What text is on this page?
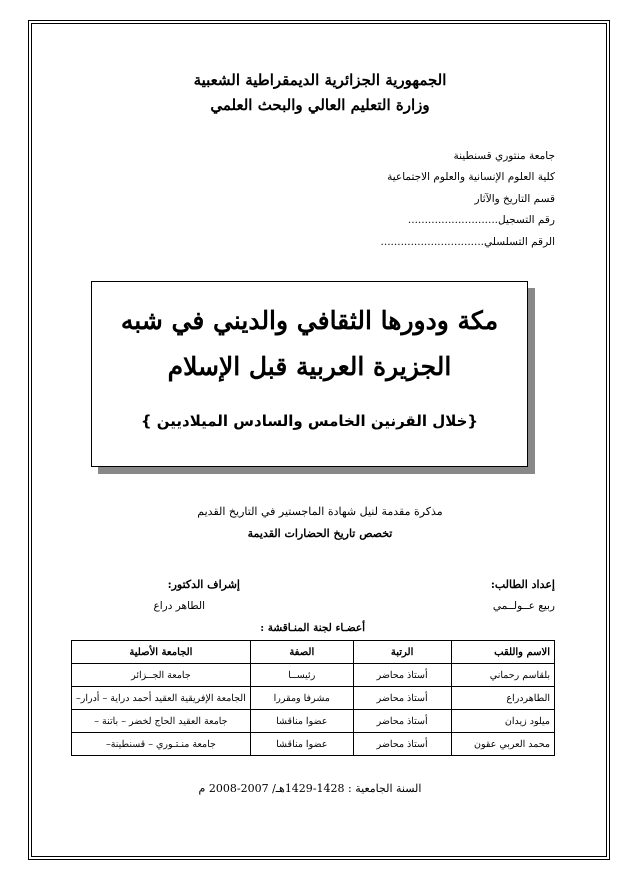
الجمهورية الجزائرية الديمقراطية الشعبية
وزارة التعليم العالي والبحث العلمي
جامعة منتوري قسنطينة
كلية العلوم الإنسانية والعلوم الاجتماعية
قسم التاريخ والآثار
رقم التسجيل...........................
الرقم التسلسلي...............................
مكة ودورها الثقافي والديني في شبه
الجزيرة العربية قبل الإسلام
{خلال القرنين الخامس والسادس الميلاديين }
مذكرة مقدمة لنيل شهادة الماجستير في التاريخ القديم
تخصص تاريخ الحضارات القديمة
إعداد الطالب:
ربيع عــولــمي
إشراف الدكتور:
الطاهر دراع
أعضـاء لجنة المنـاقشة :
الاسم واللقب	الرتبة	الصفة	الجامعة الأصلية
بلقاسم رحماني	أستاذ محاضر	رئيســا	جامعة الجــزائر
الطاهردراع	أستاذ محاضر	مشرفا ومقررا	الجامعة الإفريقية العقيد أحمد دراية – أدرار–
ميلود زيدان	أستاذ محاضر	عضوا مناقشا	جامعة العقيد الحاج لخضر – باتنة –
محمد العربي عقون	أستاذ محاضر	عضوا مناقشا	جامعة منـتـوري – قسنطينة–
السنة الجامعية : 1428-1429هـ/ 2007-2008 م
